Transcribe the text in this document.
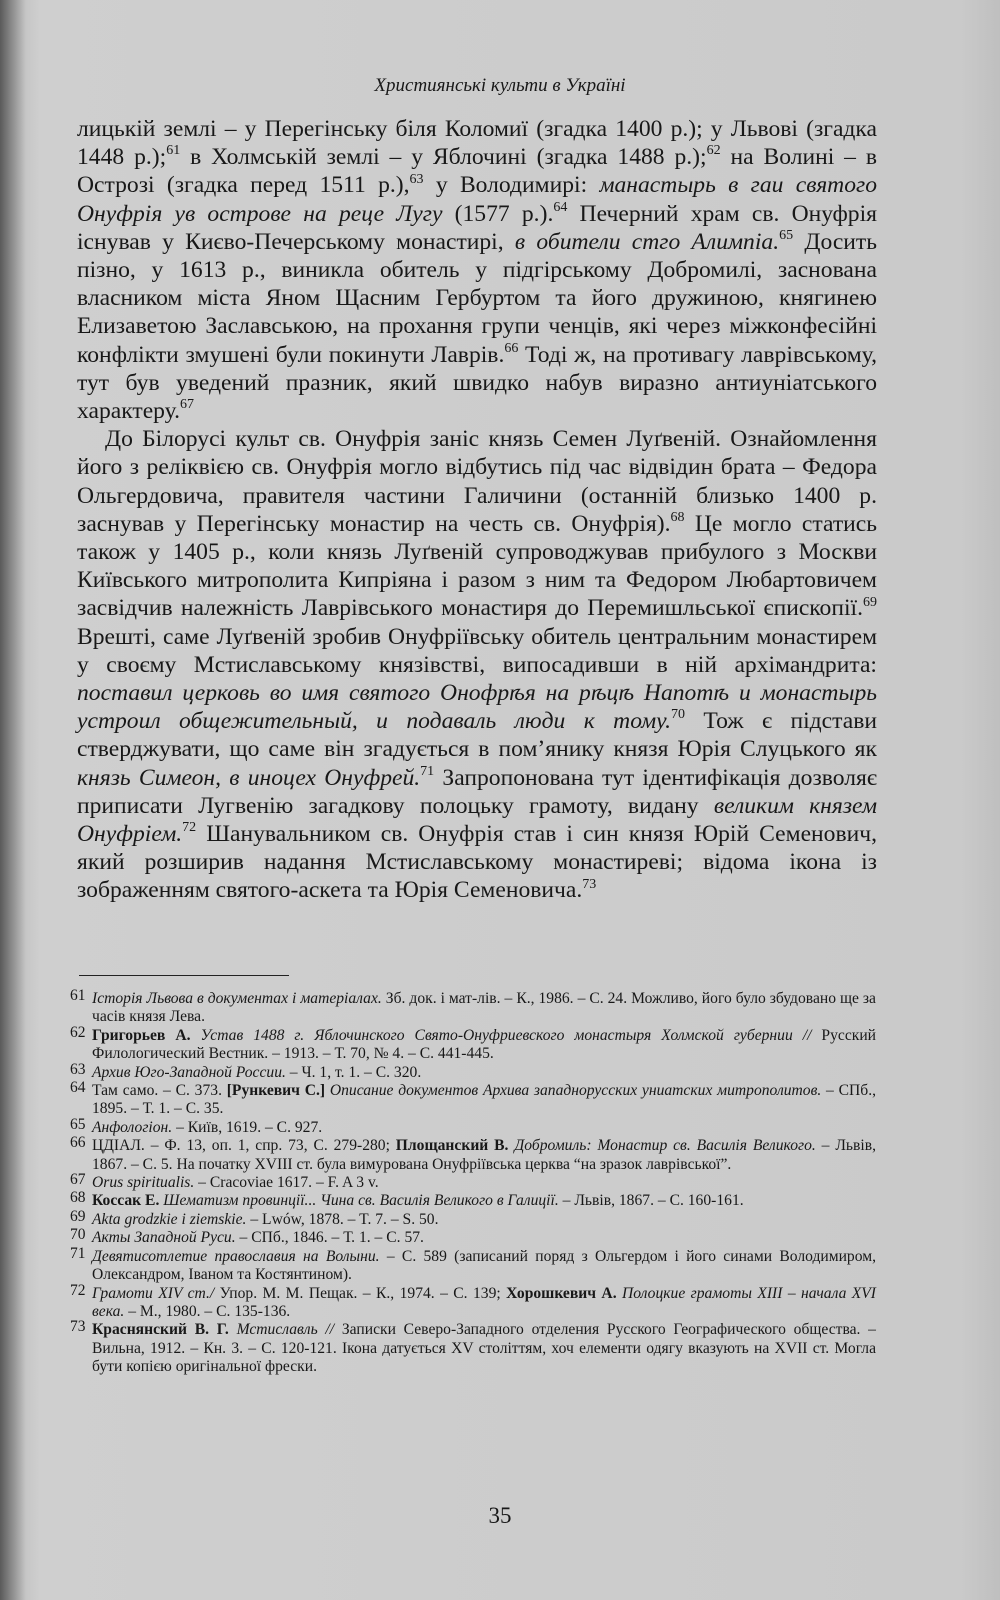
Християнські культи в Україні

лицькій землі – у Перегінську біля Коломиї (згадка 1400 р.); у Львові (згадка 1448 р.);$^{61}$ в Холмській землі – у Яблочині (згадка 1488 р.);$^{62}$ на Волині – в Острозі (згадка перед 1511 р.),$^{63}$ у Володимирі: манастырь в гаи святого Онуфрія ув острове на реце Лугу (1577 р.).$^{64}$ Печерний храм св. Онуфрія існував у Києво-Печерському монастирі, в обители стго Алимпіа.$^{65}$ Досить пізно, у 1613 р., виникла обитель у підгірському Добромилі, заснована власником міста Яном Щасним Гербуртом та його дружиною, княгинею Елизаветою Заславською, на прохання групи ченців, які через міжконфесійні конфлікти змушені були покинути Лаврів.$^{66}$ Тоді ж, на противагу лаврівському, тут був уведений празник, який швидко набув виразно антиуніатського характеру.$^{67}$

До Білорусі культ св. Онуфрія заніс князь Семен Луґвеній. Ознайомлення його з реліквією св. Онуфрія могло відбутись під час відвідин брата – Федора Ольгердовича, правителя частини Галичини (останній близько 1400 р. заснував у Перегінську монастир на честь св. Онуфрія).$^{68}$ Це могло статись також у 1405 р., коли князь Луґвеній супроводжував прибулого з Москви Київського митрополита Кипріяна і разом з ним та Федором Любартовичем засвідчив належність Лаврівського монастиря до Перемишльської єпископії.$^{69}$ Врешті, саме Луґвеній зробив Онуфріївську обитель центральним монастирем у своєму Мстиславському князівстві, випосадивши в ній архімандрита: поставил церковь во имя святого Онофрѣя на рѣцѣ Напотѣ и монастырь устроил общежительный, и подаваль люди к тому.$^{70}$ Тож є підстави стверджувати, що саме він згадується в пом’янику князя Юрія Слуцького як князь Симеон, в иноцех Онуфрей.$^{71}$ Запропонована тут ідентифікація дозволяє приписати Лугвенію загадкову полоцьку грамоту, видану великим князем Онуфріем.$^{72}$ Шанувальником св. Онуфрія став і син князя Юрій Семенович, який розширив надання Мстиславському монастиреві; відома ікона із зображенням святого-аскета та Юрія Семеновича.$^{73}$

61 Історія Львова в документах і матеріалах. Зб. док. і мат-лів. – К., 1986. – С. 24. Можливо, його було збудовано ще за часів князя Лева.
62 Григорьев А. Устав 1488 г. Яблочинского Свято-Онуфриевского монастыря Холмской губернии // Русский Филологический Вестник. – 1913. – Т. 70, № 4. – С. 441-445.
63 Архив Юго-Западной России. – Ч. 1, т. 1. – С. 320.
64 Там само. – С. 373. [Рункевич С.] Описание документов Архива западнорусских униатских митрополитов. – СПб., 1895. – Т. 1. – С. 35.
65 Анфологіон. – Київ, 1619. – С. 927.
66 ЦДІАЛ. – Ф. 13, оп. 1, спр. 73, С. 279-280; Площанский В. Добромиль: Монастир св. Василія Великого. – Львів, 1867. – С. 5. На початку XVIII ст. була вимурована Онуфріївська церква “на зразок лаврівської”.
67 Orus spiritualis. – Cracoviae 1617. – F. A 3 v.
68 Коссак Е. Шематизм провинції... Чина св. Василія Великого в Галиції. – Львів, 1867. – С. 160-161.
69 Akta grodzkie i ziemskie. – Lwów, 1878. – T. 7. – S. 50.
70 Акты Западной Руси. – СПб., 1846. – Т. 1. – С. 57.
71 Девятисотлетие православия на Волыни. – С. 589 (записаний поряд з Ольгердом і його синами Володимиром, Олександром, Іваном та Костянтином).
72 Грамоти XIV ст./ Упор. М. М. Пещак. – К., 1974. – С. 139; Хорошкевич А. Полоцкие грамоты XIII – начала XVI века. – М., 1980. – С. 135-136.
73 Краснянский В. Г. Мстиславль // Записки Северо-Западного отделения Русского Географического общества. – Вильна, 1912. – Кн. 3. – С. 120-121. Ікона датується XV століттям, хоч елементи одягу вказують на XVII ст. Могла бути копією оригінальної фрески.
35
